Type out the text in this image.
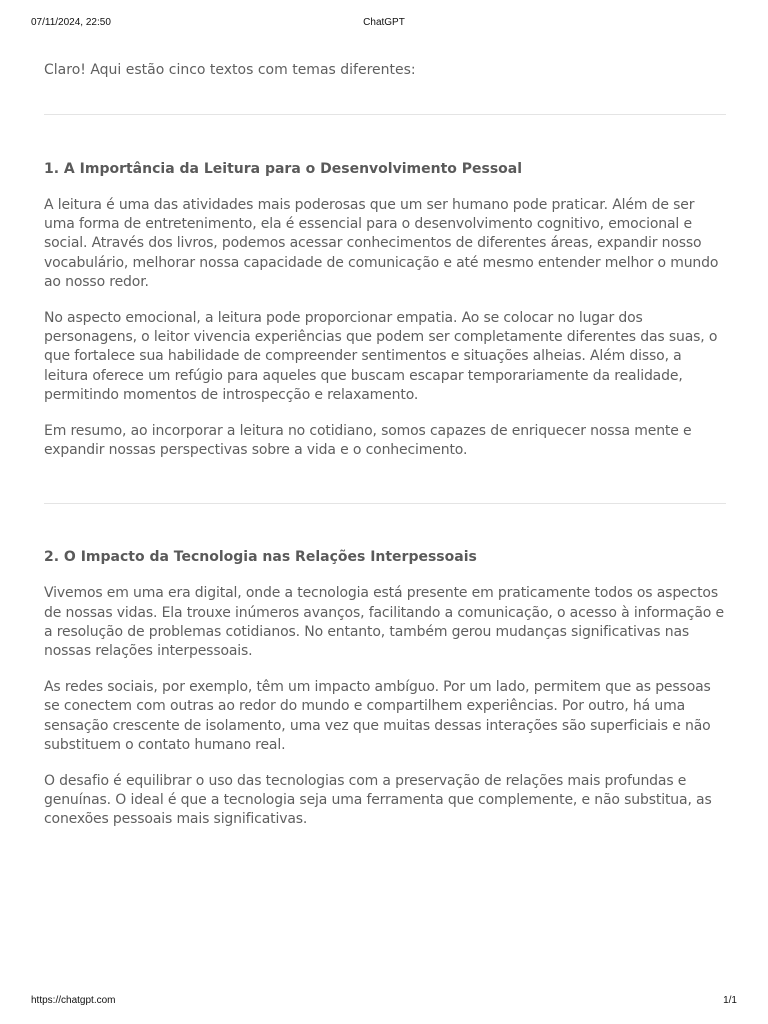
07/11/2024, 22:50	ChatGPT

Claro! Aqui estão cinco textos com temas diferentes:

1. A Importância da Leitura para o Desenvolvimento Pessoal

A leitura é uma das atividades mais poderosas que um ser humano pode praticar. Além de ser uma forma de entretenimento, ela é essencial para o desenvolvimento cognitivo, emocional e social. Através dos livros, podemos acessar conhecimentos de diferentes áreas, expandir nosso vocabulário, melhorar nossa capacidade de comunicação e até mesmo entender melhor o mundo ao nosso redor.

No aspecto emocional, a leitura pode proporcionar empatia. Ao se colocar no lugar dos personagens, o leitor vivencia experiências que podem ser completamente diferentes das suas, o que fortalece sua habilidade de compreender sentimentos e situações alheias. Além disso, a leitura oferece um refúgio para aqueles que buscam escapar temporariamente da realidade, permitindo momentos de introspecção e relaxamento.

Em resumo, ao incorporar a leitura no cotidiano, somos capazes de enriquecer nossa mente e expandir nossas perspectivas sobre a vida e o conhecimento.

2. O Impacto da Tecnologia nas Relações Interpessoais

Vivemos em uma era digital, onde a tecnologia está presente em praticamente todos os aspectos de nossas vidas. Ela trouxe inúmeros avanços, facilitando a comunicação, o acesso à informação e a resolução de problemas cotidianos. No entanto, também gerou mudanças significativas nas nossas relações interpessoais.

As redes sociais, por exemplo, têm um impacto ambíguo. Por um lado, permitem que as pessoas se conectem com outras ao redor do mundo e compartilhem experiências. Por outro, há uma sensação crescente de isolamento, uma vez que muitas dessas interações são superficiais e não substituem o contato humano real.

O desafio é equilibrar o uso das tecnologias com a preservação de relações mais profundas e genuínas. O ideal é que a tecnologia seja uma ferramenta que complemente, e não substitua, as conexões pessoais mais significativas.

https://chatgpt.com	1/1
